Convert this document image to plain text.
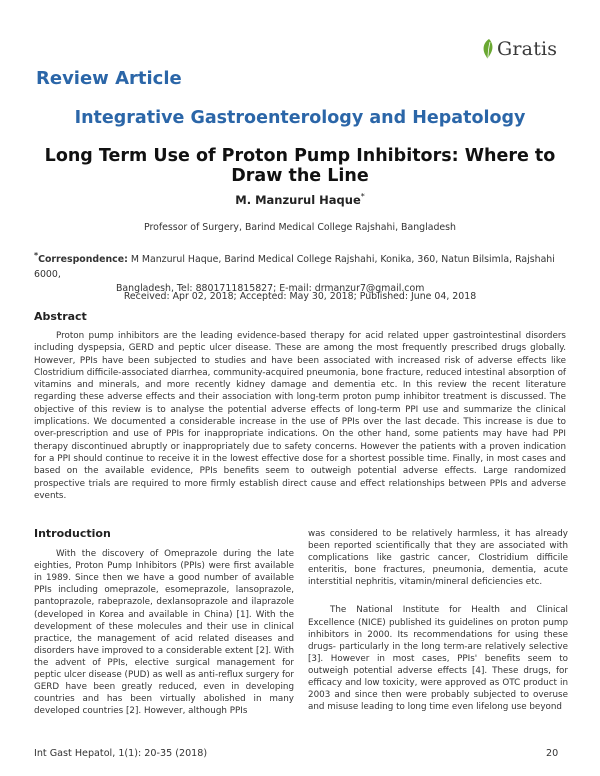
Gratis
Review Article
Integrative Gastroenterology and Hepatology
Long Term Use of Proton Pump Inhibitors: Where to Draw the Line
M. Manzurul Haque*
Professor of Surgery, Barind Medical College Rajshahi, Bangladesh
*Correspondence: M Manzurul Haque, Barind Medical College Rajshahi, Konika, 360, Natun Bilsimla, Rajshahi 6000,
Bangladesh, Tel: 8801711815827; E-mail: drmanzur7@gmail.com
Received: Apr 02, 2018; Accepted: May 30, 2018; Published: June 04, 2018
Abstract

Proton pump inhibitors are the leading evidence-based therapy for acid related upper gastrointestinal disorders including dyspepsia, GERD and peptic ulcer disease. These are among the most frequently prescribed drugs globally. However, PPIs have been subjected to studies and have been associated with increased risk of adverse effects like Clostridium difficile-associated diarrhea, community-acquired pneumonia, bone fracture, reduced intestinal absorption of vitamins and minerals, and more recently kidney damage and dementia etc. In this review the recent literature regarding these adverse effects and their association with long-term proton pump inhibitor treatment is discussed. The objective of this review is to analyse the potential adverse effects of long-term PPI use and summarize the clinical implications. We documented a considerable increase in the use of PPIs over the last decade. This increase is due to over-prescription and use of PPIs for inappropriate indications. On the other hand, some patients may have had PPI therapy discontinued abruptly or inappropriately due to safety concerns. However the patients with a proven indication for a PPI should continue to receive it in the lowest effective dose for a shortest possible time. Finally, in most cases and based on the available evidence, PPIs benefits seem to outweigh potential adverse effects. Large randomized prospective trials are required to more firmly establish direct cause and effect relationships between PPIs and adverse events.

Introduction

With the discovery of Omeprazole during the late eighties, Proton Pump Inhibitors (PPIs) were first available in 1989. Since then we have a good number of available PPIs including omeprazole, esomeprazole, lansoprazole, pantoprazole, rabeprazole, dexlansoprazole and ilaprazole (developed in Korea and available in China) [1]. With the development of these molecules and their use in clinical practice, the management of acid related diseases and disorders have improved to a considerable extent [2]. With the advent of PPIs, elective surgical management for peptic ulcer disease (PUD) as well as anti-reflux surgery for GERD have been greatly reduced, even in developing countries and has been virtually abolished in many developed countries [2]. However, although PPIs

was considered to be relatively harmless, it has already been reported scientifically that they are associated with complications like gastric cancer, Clostridium difficile enteritis, bone fractures, pneumonia, dementia, acute interstitial nephritis, vitamin/mineral deficiencies etc.

The National Institute for Health and Clinical Excellence (NICE) published its guidelines on proton pump inhibitors in 2000. Its recommendations for using these drugs- particularly in the long term-are relatively selective [3]. However in most cases, PPIs' benefits seem to outweigh potential adverse effects [4]. These drugs, for efficacy and low toxicity, were approved as OTC product in 2003 and since then were probably subjected to overuse and misuse leading to long time even lifelong use beyond

Int Gast Hepatol, 1(1): 20-35 (2018)	20
